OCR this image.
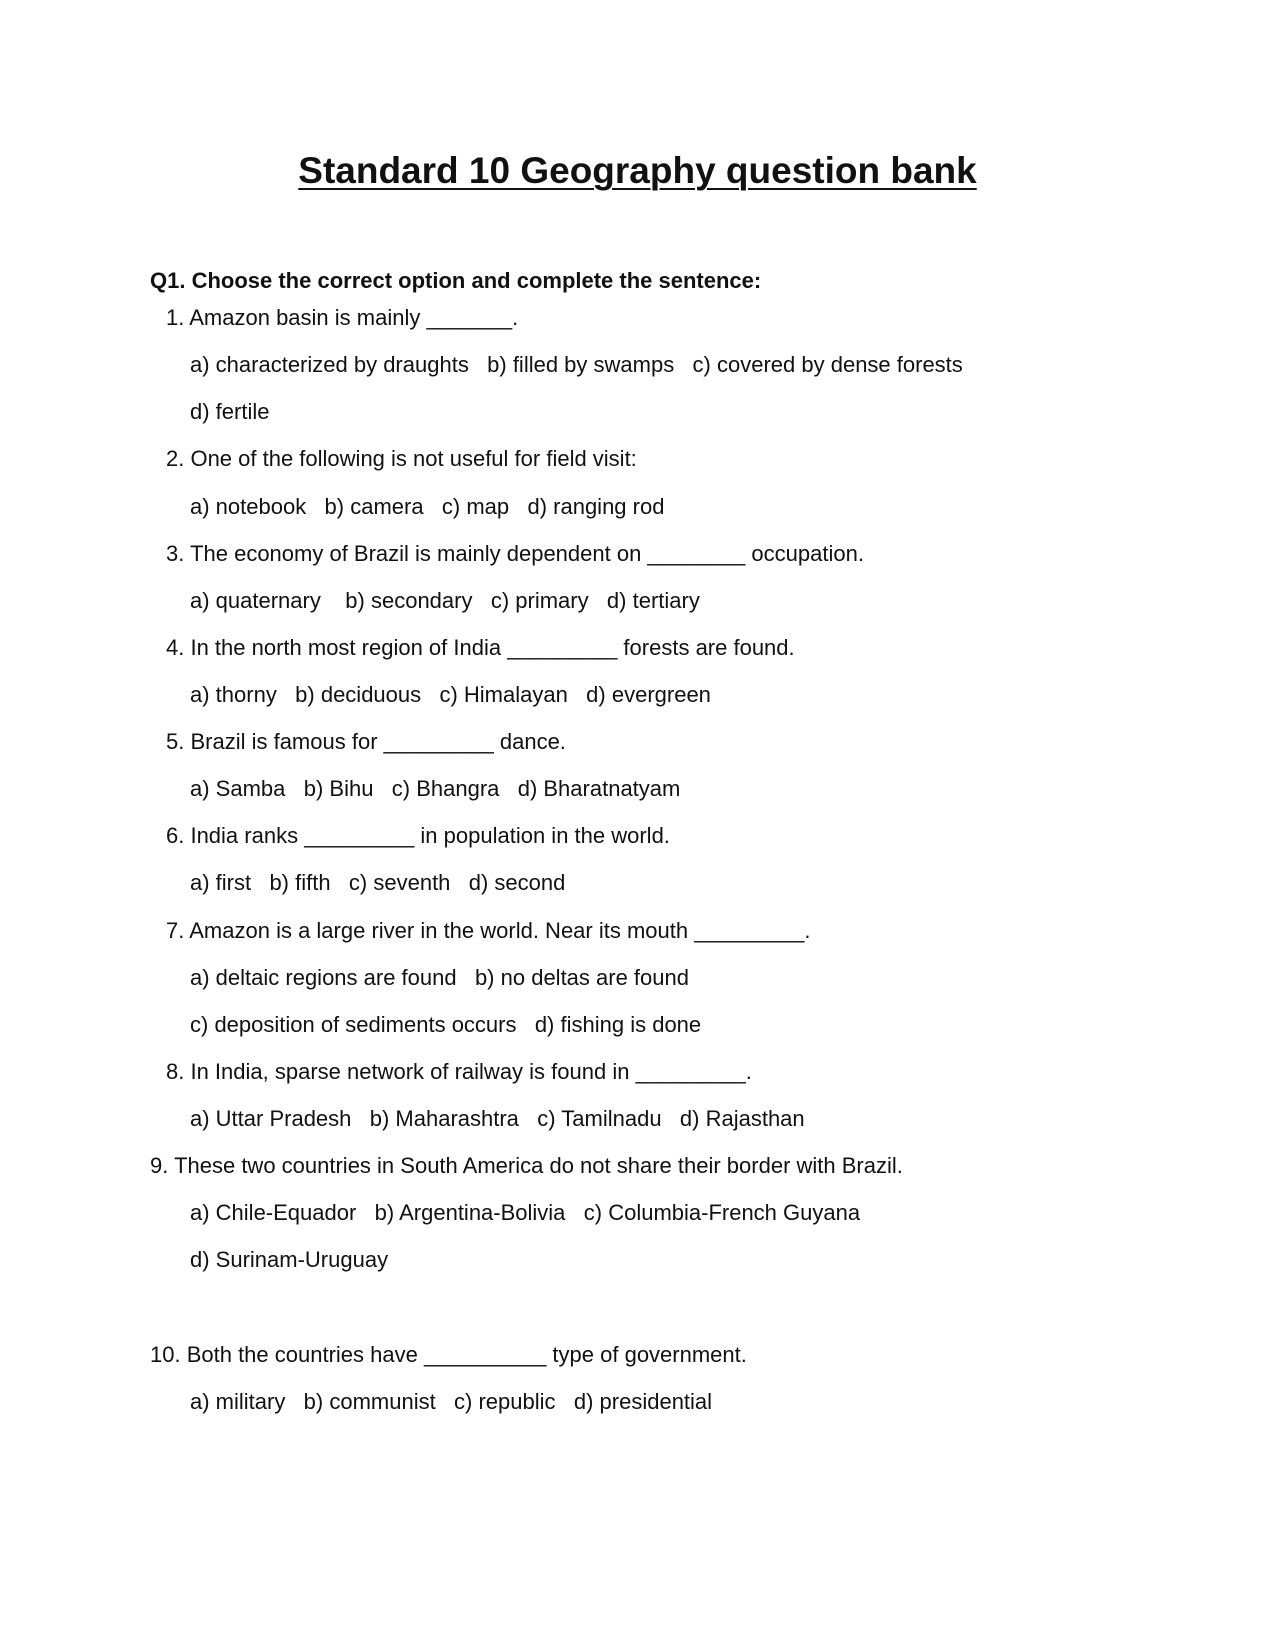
Standard 10 Geography question bank

Q1. Choose the correct option and complete the sentence:

1. Amazon basin is mainly _______.
a) characterized by draughts   b) filled by swamps   c) covered by dense forests
d) fertile
2. One of the following is not useful for field visit:
a) notebook   b) camera   c) map   d) ranging rod
3. The economy of Brazil is mainly dependent on ________ occupation.
a) quaternary    b) secondary   c) primary   d) tertiary
4. In the north most region of India _________ forests are found.
a) thorny   b) deciduous   c) Himalayan   d) evergreen
5. Brazil is famous for _________ dance.
a) Samba   b) Bihu   c) Bhangra   d) Bharatnatyam
6. India ranks _________ in population in the world.
a) first   b) fifth   c) seventh   d) second
7. Amazon is a large river in the world. Near its mouth _________.
a) deltaic regions are found   b) no deltas are found
c) deposition of sediments occurs   d) fishing is done
8. In India, sparse network of railway is found in _________.
a) Uttar Pradesh   b) Maharashtra   c) Tamilnadu   d) Rajasthan
9. These two countries in South America do not share their border with Brazil.
a) Chile-Equador   b) Argentina-Bolivia   c) Columbia-French Guyana
d) Surinam-Uruguay
10. Both the countries have __________ type of government.
a) military   b) communist   c) republic   d) presidential
